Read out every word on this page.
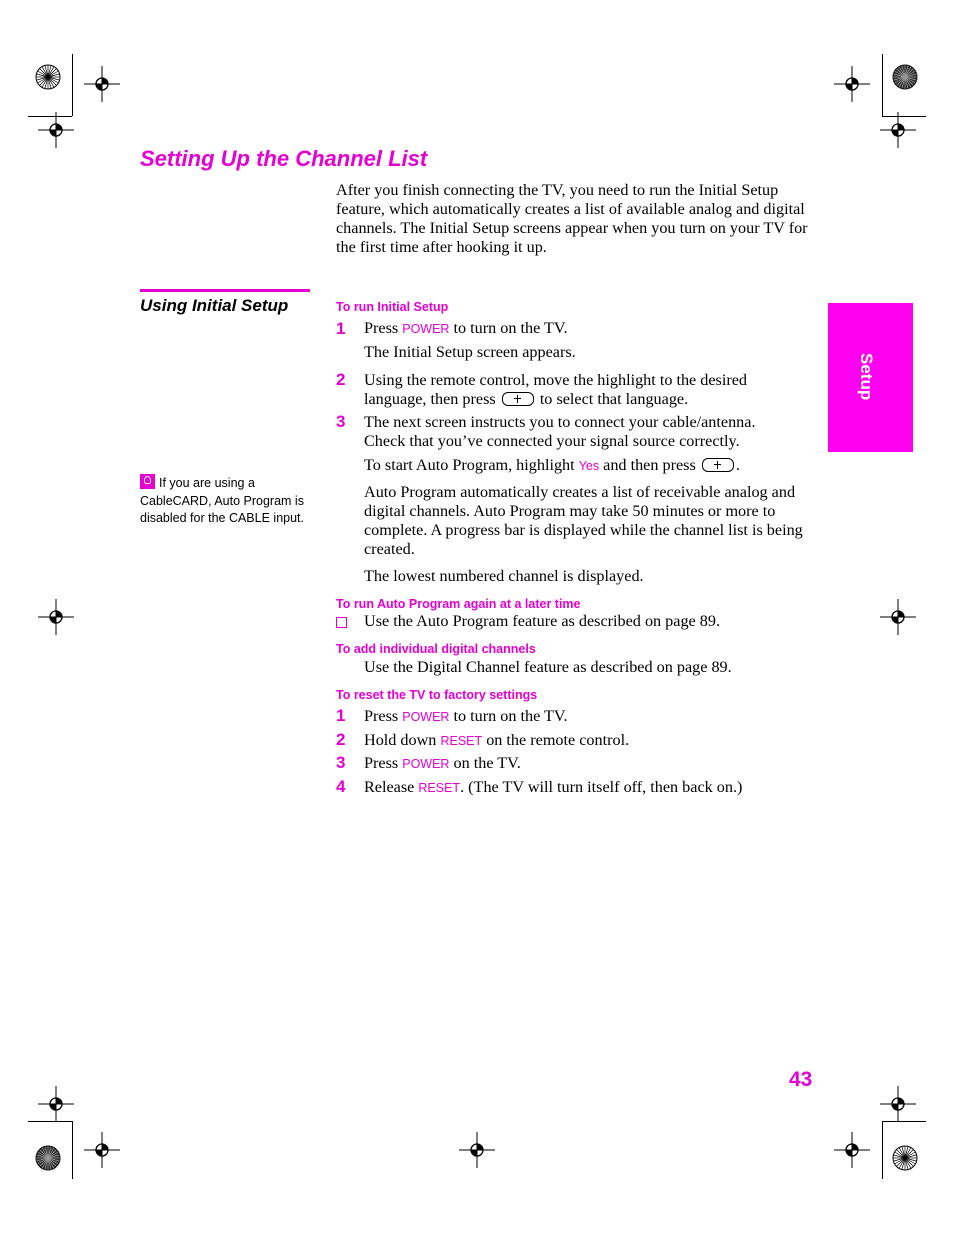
Setting Up the Channel List
After you finish connecting the TV, you need to run the Initial Setup feature, which automatically creates a list of available analog and digital channels. The Initial Setup screens appear when you turn on your TV for the first time after hooking it up.
Using Initial Setup
If you are using a CableCARD, Auto Program is disabled for the CABLE input.
To run Initial Setup
1 Press POWER to turn on the TV.
The Initial Setup screen appears.
2 Using the remote control, move the highlight to the desired language, then press  to select that language.
3 The next screen instructs you to connect your cable/antenna. Check that you’ve connected your signal source correctly.
To start Auto Program, highlight Yes and then press .
Auto Program automatically creates a list of receivable analog and digital channels. Auto Program may take 50 minutes or more to complete. A progress bar is displayed while the channel list is being created.
The lowest numbered channel is displayed.
To run Auto Program again at a later time
Use the Auto Program feature as described on page 89.
To add individual digital channels
Use the Digital Channel feature as described on page 89.
To reset the TV to factory settings
1 Press POWER to turn on the TV.
2 Hold down RESET on the remote control.
3 Press POWER on the TV.
4 Release RESET. (The TV will turn itself off, then back on.)
Setup
43
